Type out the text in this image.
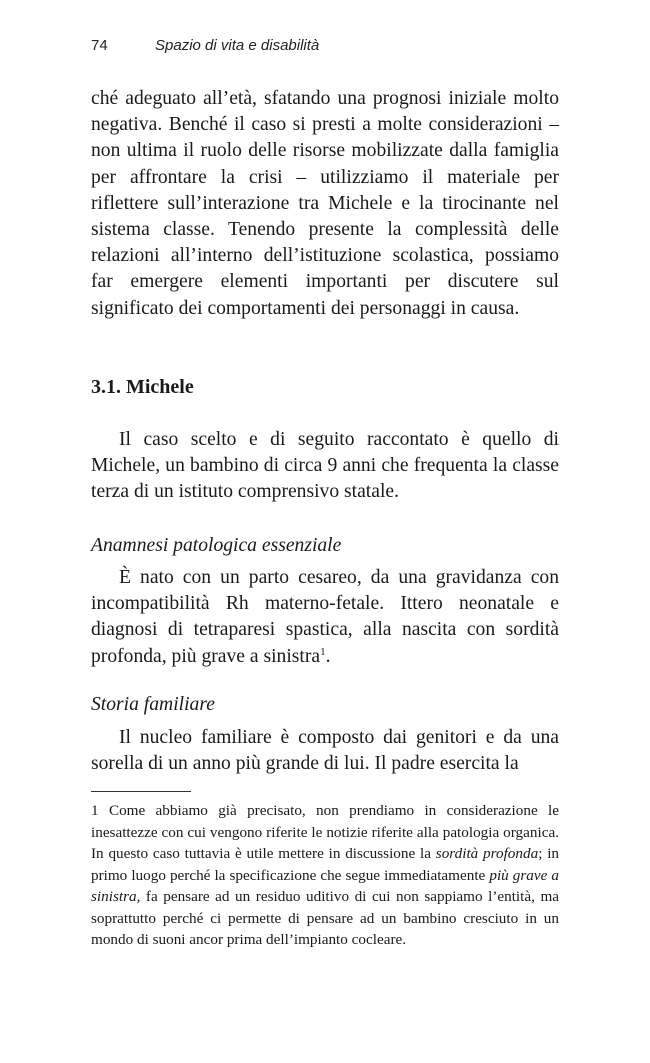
74	Spazio di vita e disabilità

ché adeguato all’età, sfatando una prognosi iniziale molto negativa. Benché il caso si presti a molte considerazioni – non ultima il ruolo delle risorse mobilizzate dalla famiglia per affrontare la crisi – utilizziamo il materiale per riflettere sull’interazione tra Michele e la tirocinante nel sistema classe. Tenendo presente la complessità delle relazioni all’interno dell’istituzione scolastica, possiamo far emergere elementi importanti per discutere sul significato dei comportamenti dei personaggi in causa.

3.1. Michele

Il caso scelto e di seguito raccontato è quello di Michele, un bambino di circa 9 anni che frequenta la classe terza di un istituto comprensivo statale.

Anamnesi patologica essenziale

È nato con un parto cesareo, da una gravidanza con incompatibilità Rh materno-fetale. Ittero neonatale e diagnosi di tetraparesi spastica, alla nascita con sordità profonda, più grave a sinistra$^1$.

Storia familiare

Il nucleo familiare è composto dai genitori e da una sorella di un anno più grande di lui. Il padre esercita la

1 Come abbiamo già precisato, non prendiamo in considerazione le inesattezze con cui vengono riferite le notizie riferite alla patologia organica. In questo caso tuttavia è utile mettere in discussione la sordità profonda; in primo luogo perché la specificazione che segue immediatamente più grave a sinistra, fa pensare ad un residuo uditivo di cui non sappiamo l’entità, ma soprattutto perché ci permette di pensare ad un bambino cresciuto in un mondo di suoni ancor prima dell’impianto cocleare.
